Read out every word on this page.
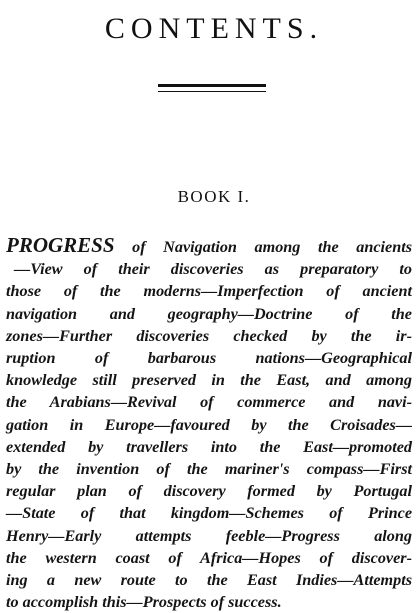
CONTENTS.
BOOK I.

PROGRESS of Navigation among the ancients
—View of their discoveries as preparatory to
those of the moderns—Imperfection of ancient
navigation and geography—Doctrine of the
zones—Further discoveries checked by the ir-
ruption of barbarous nations—Geographical
knowledge still preserved in the East, and among
the Arabians—Revival of commerce and navi-
gation in Europe—favoured by the Croisades—
extended by travellers into the East—promoted
by the invention of the mariner's compass—First
regular plan of discovery formed by Portugal
—State of that kingdom—Schemes of Prince
Henry—Early attempts feeble—Progress along
the western coast of Africa—Hopes of discover-
ing a new route to the East Indies—Attempts
to accomplish this—Prospects of success.
